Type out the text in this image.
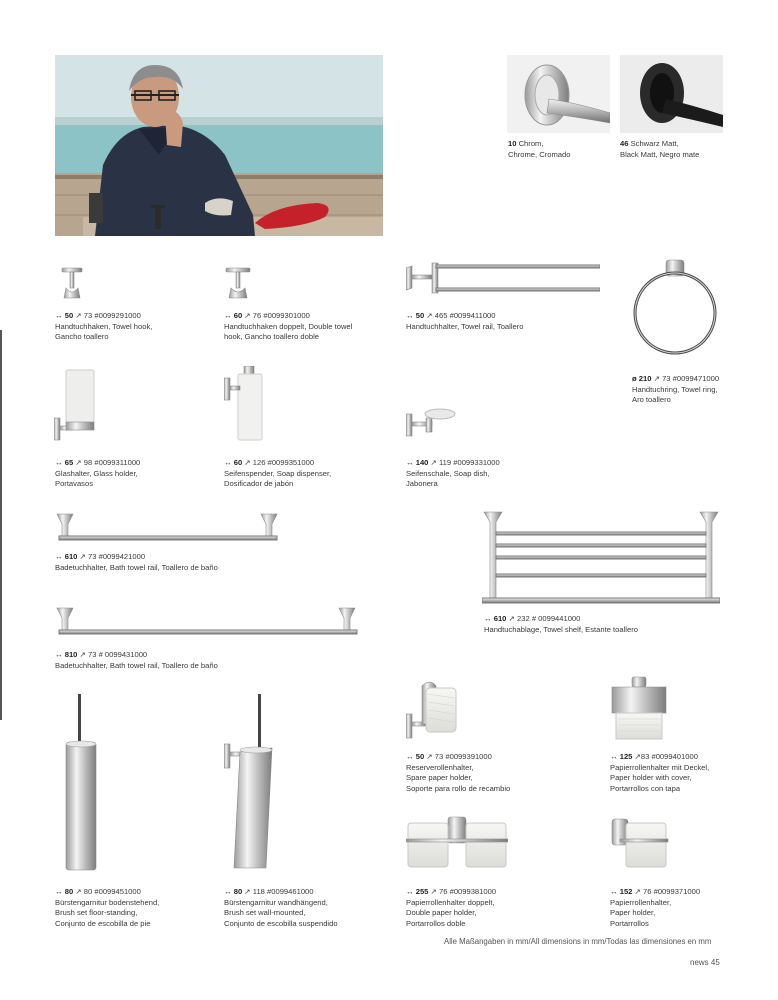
10 Chrom,
Chrome, Cromado
46 Schwarz Matt,
Black Matt, Negro mate
↔ 50 ↗ 73 #0099291000
Handtuchhaken, Towel hook,
Gancho toallero
↔ 60 ↗ 76 #0099301000
Handtuchhaken doppelt, Double towel
hook, Gancho toallero doble
↔ 50 ↗ 465 #0099411000
Handtuchhalter, Towel rail, Toallero
ø 210 ↗ 73 #0099471000
Handtuchring, Towel ring,
Aro toallero
↔ 65 ↗ 98 #0099311000
Glashalter, Glass holder,
Portavasos
↔ 60 ↗ 126 #0099351000
Seifenspender, Soap dispenser,
Dosificador de jabón
↔ 140 ↗ 119 #0099331000
Seifenschale, Soap dish,
Jabonera
↔ 610 ↗ 73 #0099421000
Badetuchhalter, Bath towel rail, Toallero de baño
↔ 610 ↗ 232 # 0099441000
Handtuchablage, Towel shelf, Estante toallero
↔ 810 ↗ 73 # 0099431000
Badetuchhalter, Bath towel rail, Toallero de baño
↔ 50 ↗ 73 #0099391000
Reserverollenhalter,
Spare paper holder,
Soporte para rollo de recambio
↔ 125 ↗83 #0099401000
Papierrollenhalter mit Deckel,
Paper holder with cover,
Portarrollos con tapa
↔ 80 ↗ 80 #0099451000
Bürstengarnitur bodenstehend,
Brush set floor-standing,
Conjunto de escobilla de pie
↔ 80 ↗ 118 #0099461000
Bürstengarnitur wandhängend,
Brush set wall-mounted,
Conjunto de escobilla suspendido
↔ 255 ↗ 76 #0099381000
Papierrollenhalter doppelt,
Double paper holder,
Portarrollos doble
↔ 152 ↗ 76 #0099371000
Papierrollenhalter,
Paper holder,
Portarrollos
Alle Maßangaben in mm/All dimensions in mm/Todas las dimensiones en mm
news 45
